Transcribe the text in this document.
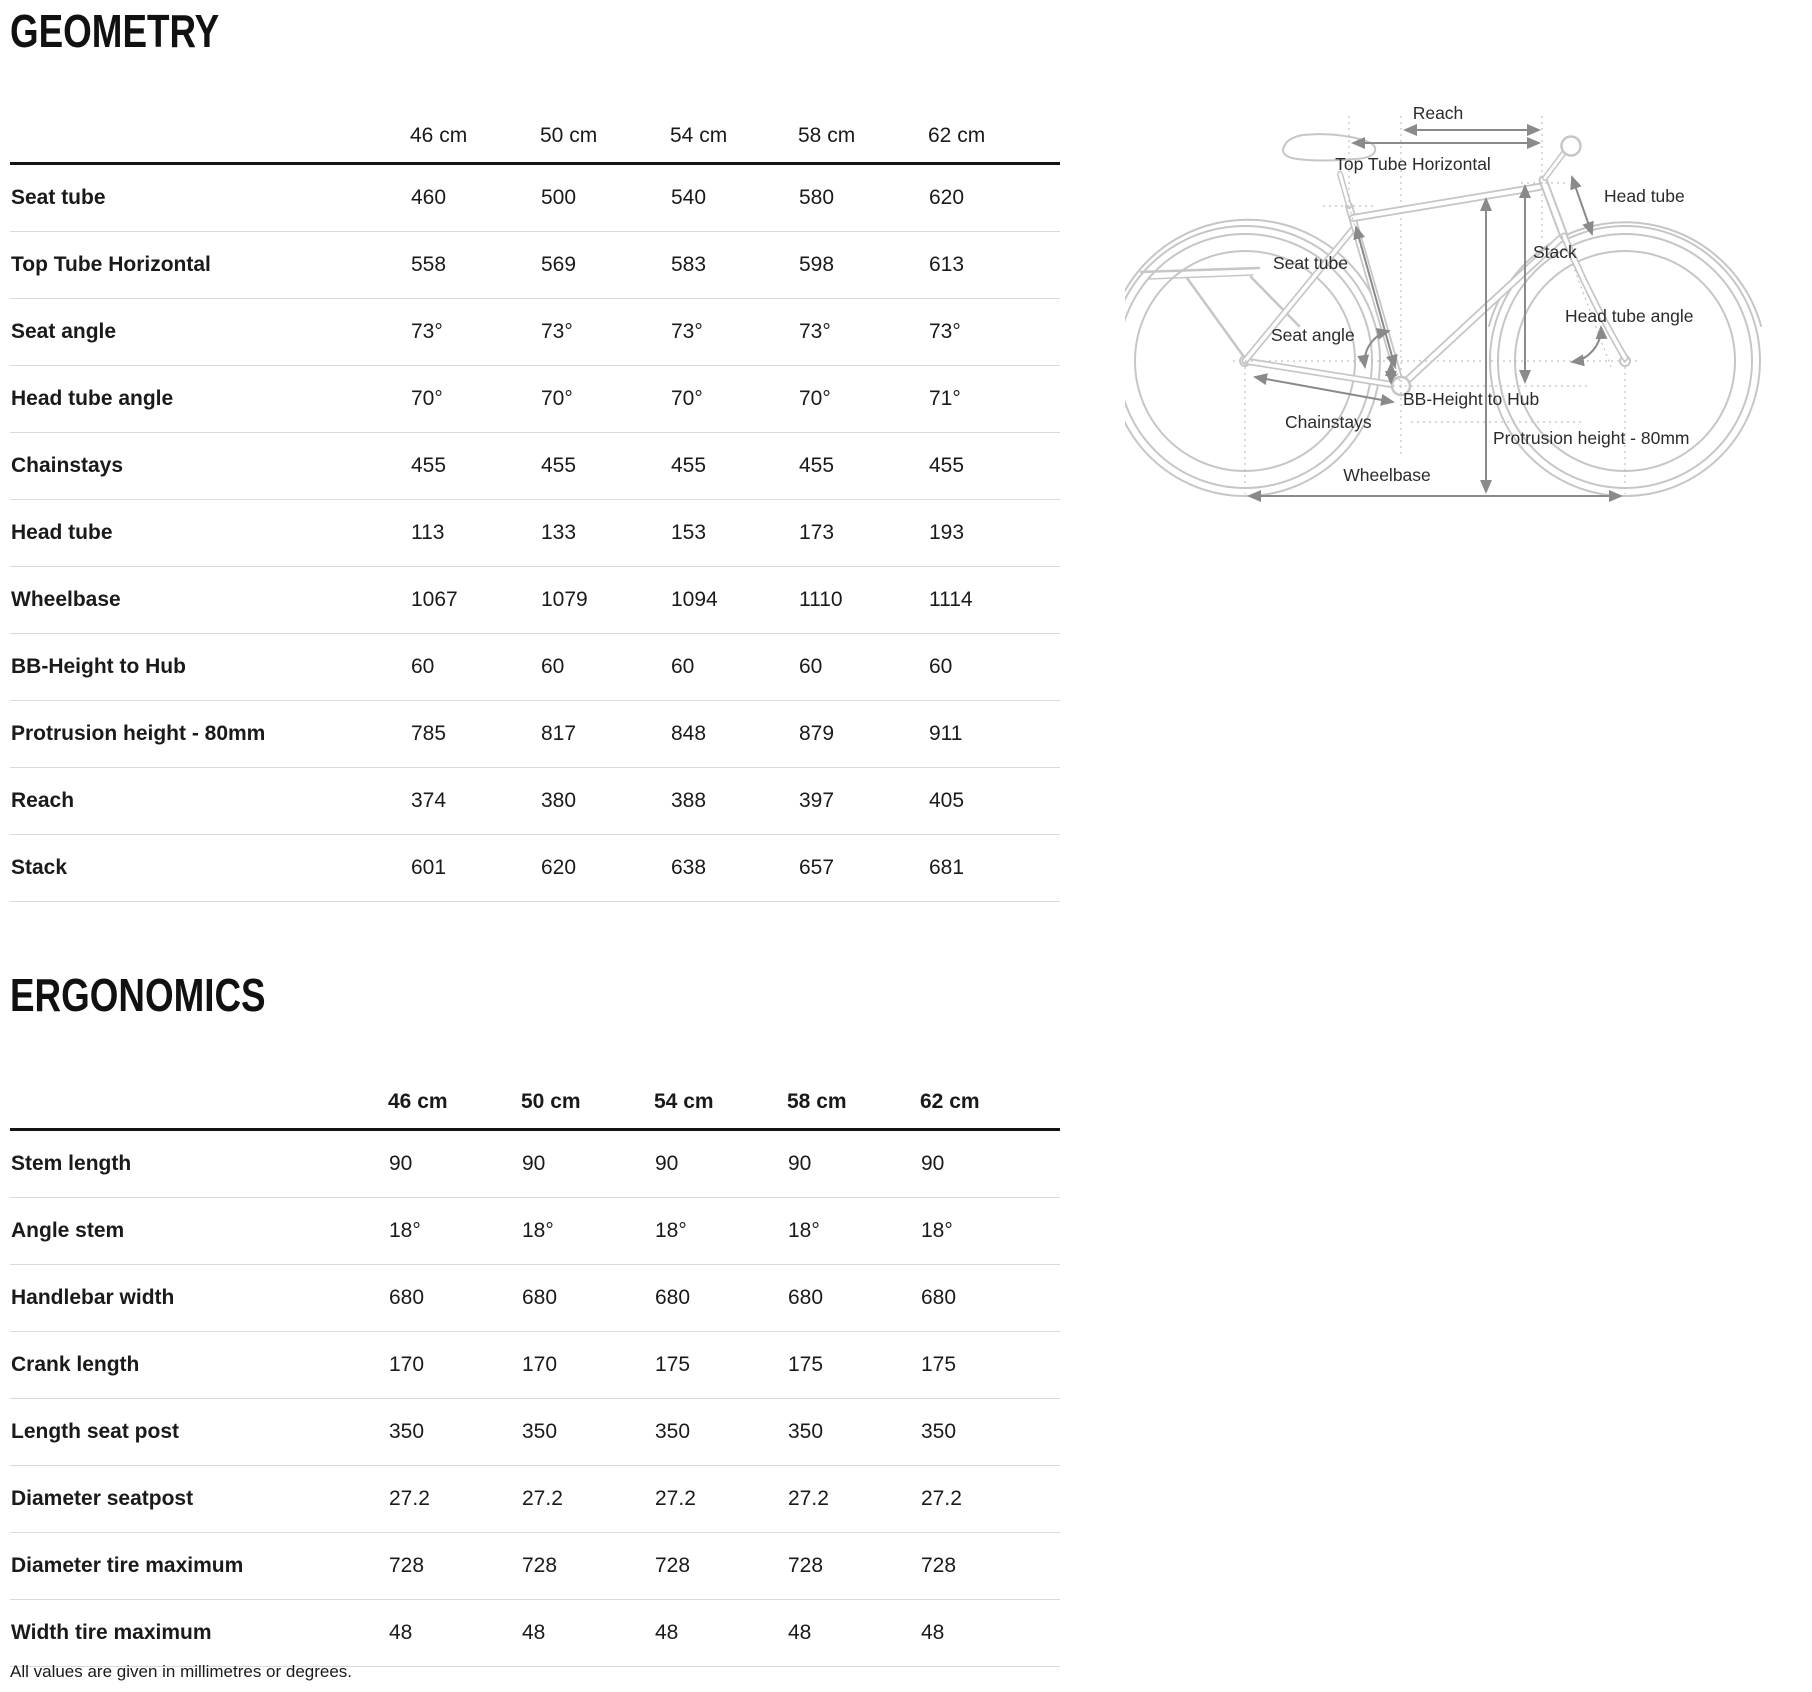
GEOMETRY
	46 cm	50 cm	54 cm	58 cm	62 cm
Seat tube	460	500	540	580	620
Top Tube Horizontal	558	569	583	598	613
Seat angle	73°	73°	73°	73°	73°
Head tube angle	70°	70°	70°	70°	71°
Chainstays	455	455	455	455	455
Head tube	113	133	153	173	193
Wheelbase	1067	1079	1094	1110	1114
BB-Height to Hub	60	60	60	60	60
Protrusion height - 80mm	785	817	848	879	911
Reach	374	380	388	397	405
Stack	601	620	638	657	681
ERGONOMICS
	46 cm	50 cm	54 cm	58 cm	62 cm
Stem length	90	90	90	90	90
Angle stem	18°	18°	18°	18°	18°
Handlebar width	680	680	680	680	680
Crank length	170	170	175	175	175
Length seat post	350	350	350	350	350
Diameter seatpost	27.2	27.2	27.2	27.2	27.2
Diameter tire maximum	728	728	728	728	728
Width tire maximum	48	48	48	48	48
All values are given in millimetres or degrees.
Reach
Top Tube Horizontal
Head tube
Seat tube
Stack
Seat angle
Head tube angle
BB-Height to Hub
Chainstays
Protrusion height - 80mm
Wheelbase
